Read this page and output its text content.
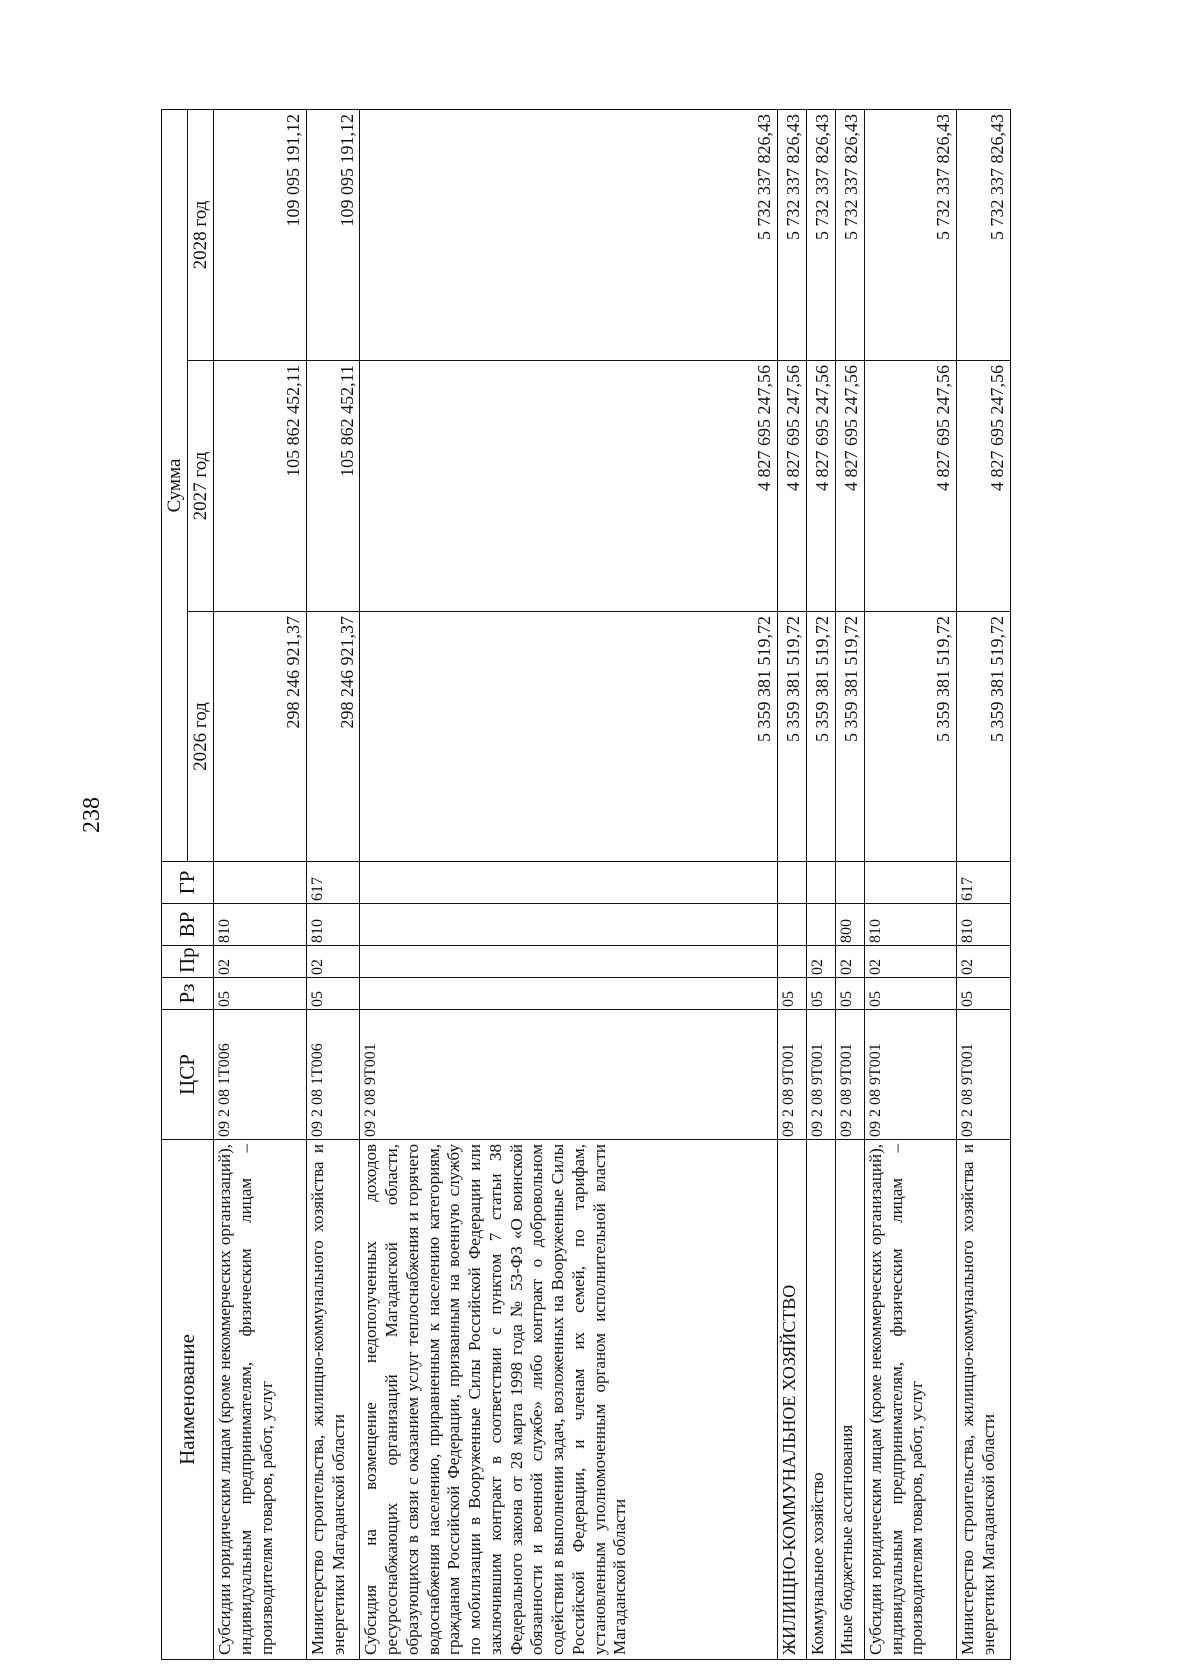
238
Наименование	ЦСР	Рз	Пр	ВР	ГР	Сумма		
						2026 год	2027 год	2028 год
Субсидии юридическим лицам (кроме некоммерческих организаций), индивидуальным предпринимателям, физическим лицам – производителям товаров, работ, услуг	09 2 08 1Т006	05	02	810		298 246 921,37	105 862 452,11	109 095 191,12
Министерство строительства, жилищно-коммунального хозяйства и энергетики Магаданской области	09 2 08 1Т006	05	02	810	617	298 246 921,37	105 862 452,11	109 095 191,12
Субсидия на возмещение недополученных доходов ресурсоснабжающих организаций Магаданской области, образующихся в связи с оказанием услуг теплоснабжения и горячего водоснабжения населению, приравненным к населению категориям, гражданам Российской Федерации, призванным на военную службу по мобилизации в Вооруженные Силы Российской Федерации или заключившим контракт в соответствии с пунктом 7 статьи 38 Федерального закона от 28 марта 1998 года № 53-ФЗ «О воинской обязанности и военной службе» либо контракт о добровольном содействии в выполнении задач, возложенных на Вооруженные Силы Российской Федерации, и членам их семей, по тарифам, установленным уполномоченным органом исполнительной власти Магаданской области	09 2 08 9Т001					5 359 381 519,72	4 827 695 247,56	5 732 337 826,43
ЖИЛИЩНО-КОММУНАЛЬНОЕ ХОЗЯЙСТВО	09 2 08 9Т001	05				5 359 381 519,72	4 827 695 247,56	5 732 337 826,43
Коммунальное хозяйство	09 2 08 9Т001	05	02			5 359 381 519,72	4 827 695 247,56	5 732 337 826,43
Иные бюджетные ассигнования	09 2 08 9Т001	05	02	800		5 359 381 519,72	4 827 695 247,56	5 732 337 826,43
Субсидии юридическим лицам (кроме некоммерческих организаций), индивидуальным предпринимателям, физическим лицам – производителям товаров, работ, услуг	09 2 08 9Т001	05	02	810		5 359 381 519,72	4 827 695 247,56	5 732 337 826,43
Министерство строительства, жилищно-коммунального хозяйства и энергетики Магаданской области	09 2 08 9Т001	05	02	810	617	5 359 381 519,72	4 827 695 247,56	5 732 337 826,43
